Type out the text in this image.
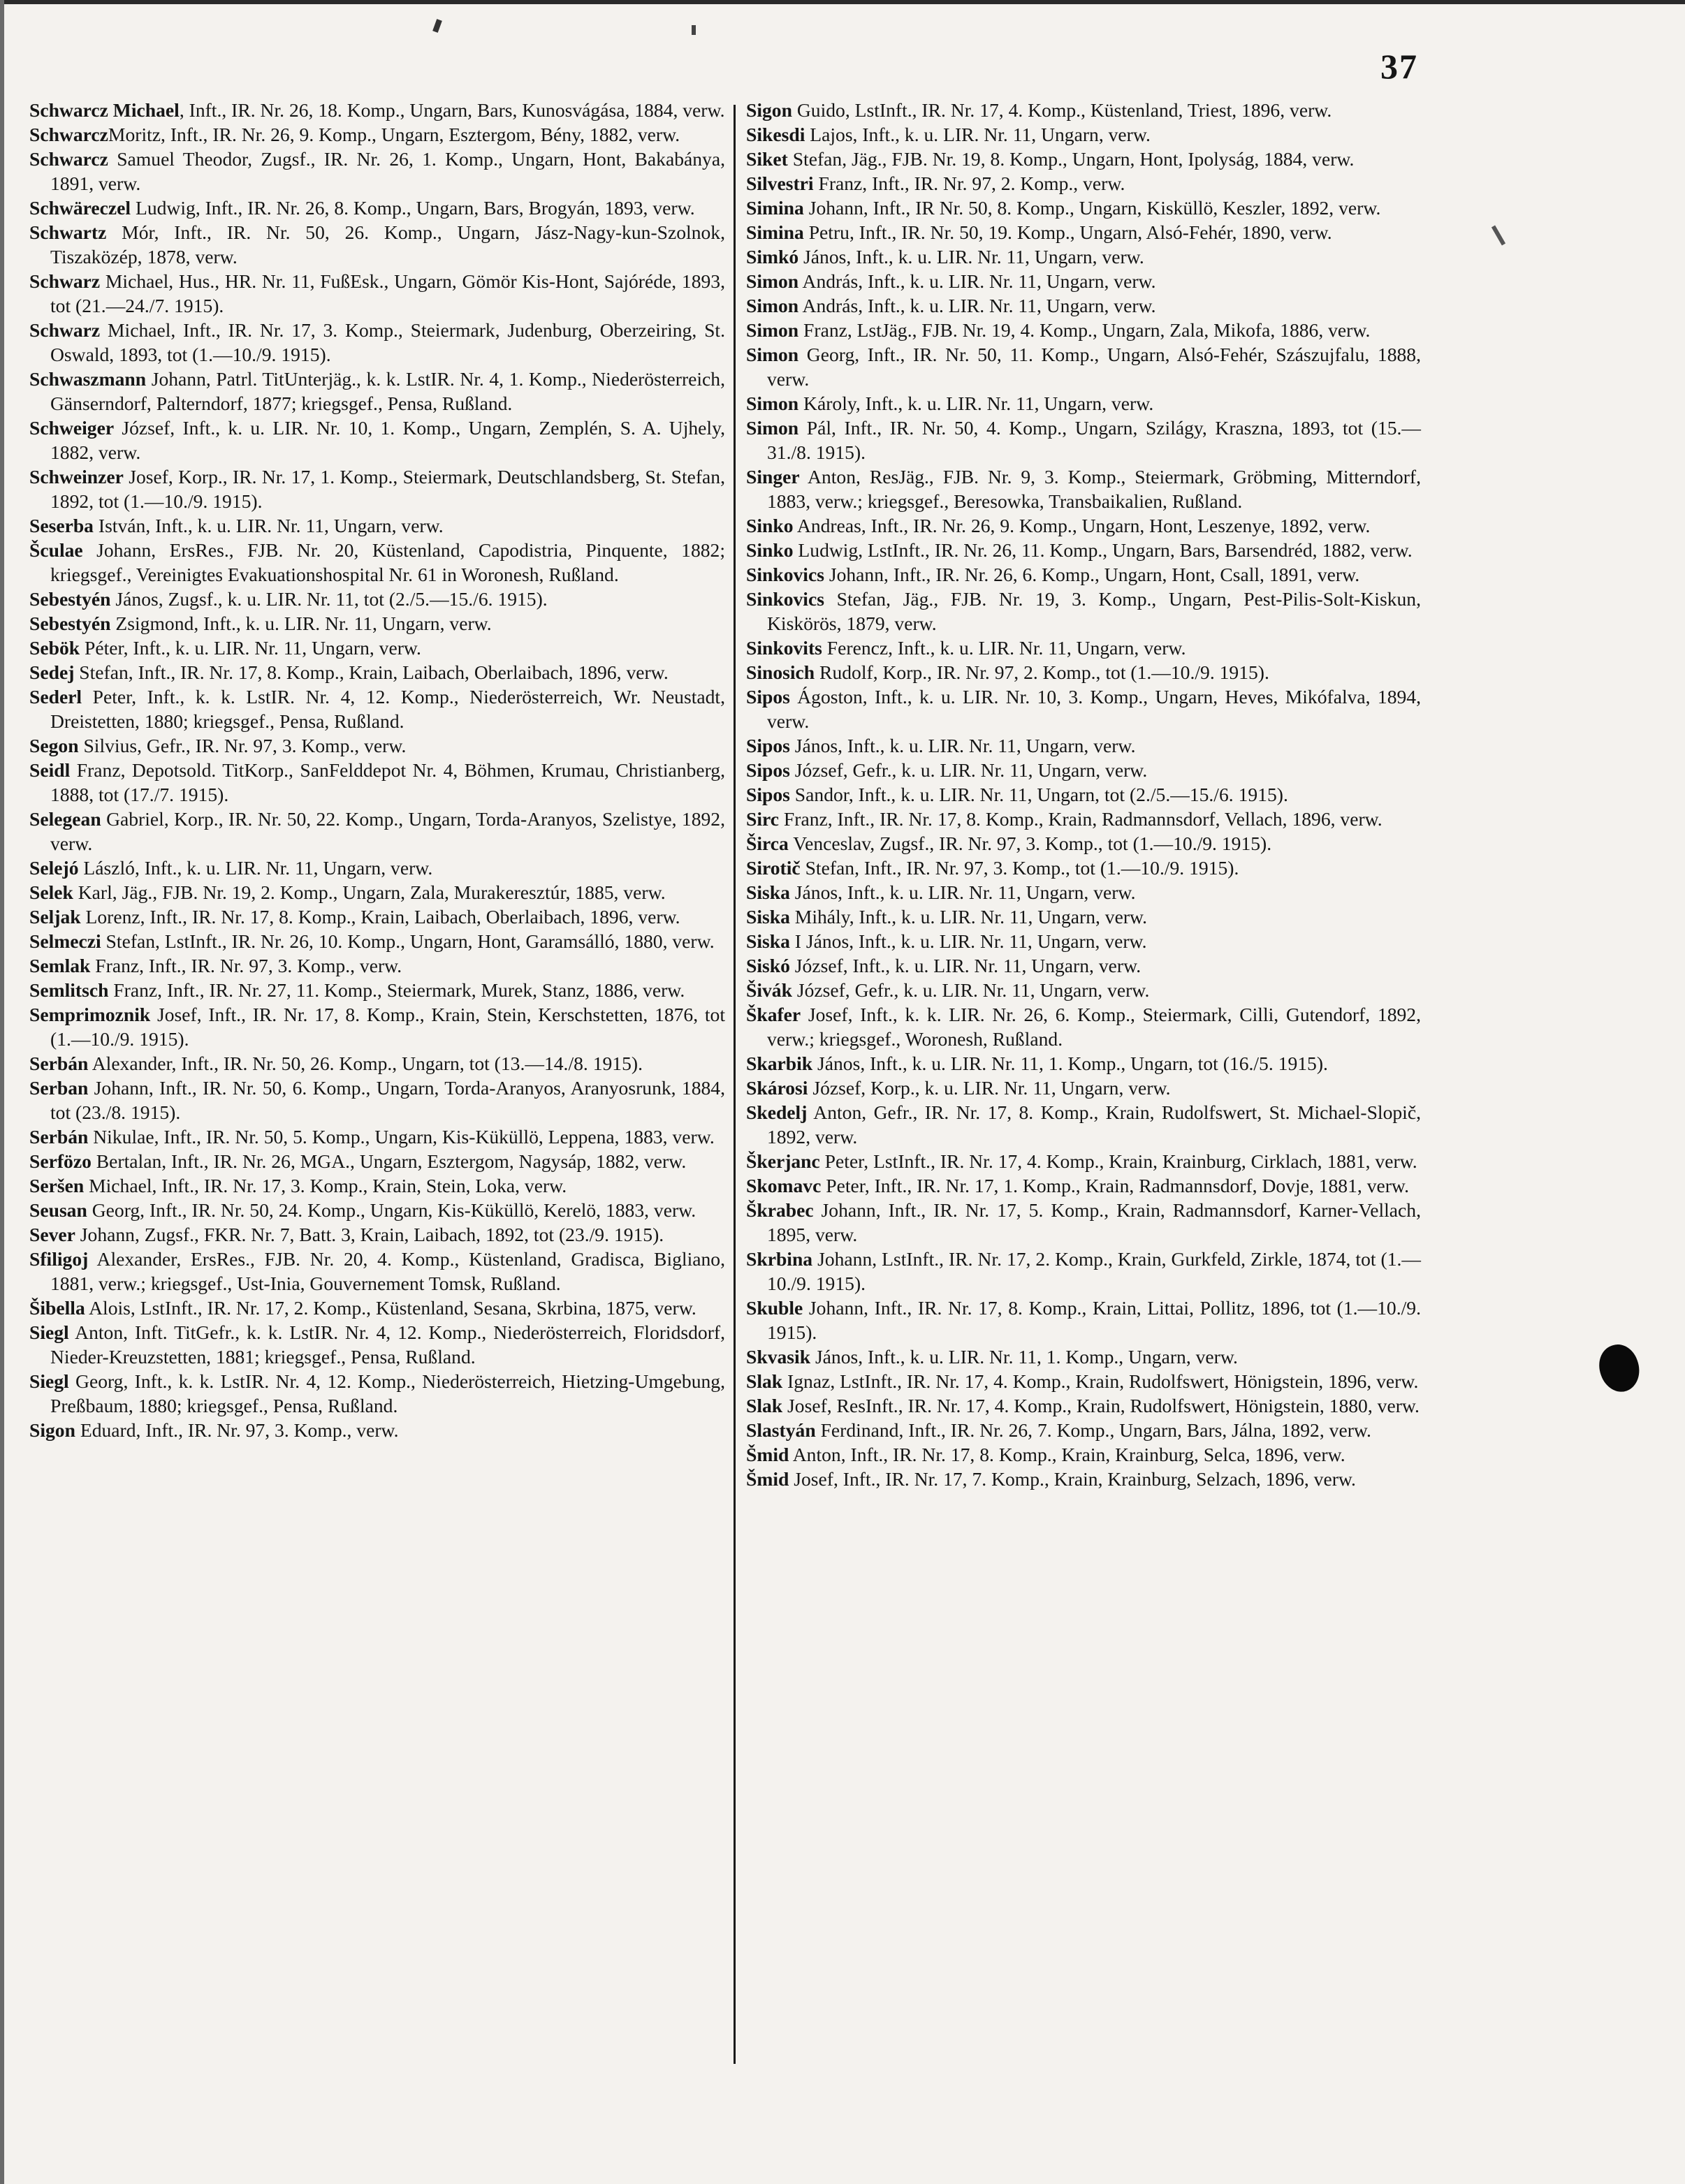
37

Schwarcz Michael, Inft., IR. Nr. 26, 18. Komp., Ungarn, Bars, Kunosvágása, 1884, verw.

SchwarczMoritz, Inft., IR. Nr. 26, 9. Komp., Ungarn, Esztergom, Bény, 1882, verw.

Schwarcz Samuel Theodor, Zugsf., IR. Nr. 26, 1. Komp., Ungarn, Hont, Bakabánya, 1891, verw.

Schwäreczel Ludwig, Inft., IR. Nr. 26, 8. Komp., Ungarn, Bars, Brogyán, 1893, verw.

Schwartz Mór, Inft., IR. Nr. 50, 26. Komp., Ungarn, Jász-Nagy-kun-Szolnok, Tiszaközép, 1878, verw.

Schwarz Michael, Hus., HR. Nr. 11, FußEsk., Ungarn, Gömör Kis-Hont, Sajóréde, 1893, tot (21.—24./7. 1915).

Schwarz Michael, Inft., IR. Nr. 17, 3. Komp., Steiermark, Judenburg, Oberzeiring, St. Oswald, 1893, tot (1.—10./9. 1915).

Schwaszmann Johann, Patrl. TitUnterjäg., k. k. LstIR. Nr. 4, 1. Komp., Niederösterreich, Gänserndorf, Palterndorf, 1877; kriegsgef., Pensa, Rußland.

Schweiger József, Inft., k. u. LIR. Nr. 10, 1. Komp., Ungarn, Zemplén, S. A. Ujhely, 1882, verw.

Schweinzer Josef, Korp., IR. Nr. 17, 1. Komp., Steiermark, Deutschlandsberg, St. Stefan, 1892, tot (1.—10./9. 1915).

Seserba István, Inft., k. u. LIR. Nr. 11, Ungarn, verw.

Šculae Johann, ErsRes., FJB. Nr. 20, Küstenland, Capodistria, Pinquente, 1882; kriegsgef., Vereinigtes Evakuationshospital Nr. 61 in Woronesh, Rußland.

Sebestyén János, Zugsf., k. u. LIR. Nr. 11, tot (2./5.—15./6. 1915).

Sebestyén Zsigmond, Inft., k. u. LIR. Nr. 11, Ungarn, verw.

Sebök Péter, Inft., k. u. LIR. Nr. 11, Ungarn, verw.

Sedej Stefan, Inft., IR. Nr. 17, 8. Komp., Krain, Laibach, Oberlaibach, 1896, verw.

Sederl Peter, Inft., k. k. LstIR. Nr. 4, 12. Komp., Niederösterreich, Wr. Neustadt, Dreistetten, 1880; kriegsgef., Pensa, Rußland.

Segon Silvius, Gefr., IR. Nr. 97, 3. Komp., verw.

Seidl Franz, Depotsold. TitKorp., SanFelddepot Nr. 4, Böhmen, Krumau, Christianberg, 1888, tot (17./7. 1915).

Selegean Gabriel, Korp., IR. Nr. 50, 22. Komp., Ungarn, Torda-Aranyos, Szelistye, 1892, verw.

Selejó László, Inft., k. u. LIR. Nr. 11, Ungarn, verw.

Selek Karl, Jäg., FJB. Nr. 19, 2. Komp., Ungarn, Zala, Murakeresztúr, 1885, verw.

Seljak Lorenz, Inft., IR. Nr. 17, 8. Komp., Krain, Laibach, Oberlaibach, 1896, verw.

Selmeczi Stefan, LstInft., IR. Nr. 26, 10. Komp., Ungarn, Hont, Garamsálló, 1880, verw.

Semlak Franz, Inft., IR. Nr. 97, 3. Komp., verw.

Semlitsch Franz, Inft., IR. Nr. 27, 11. Komp., Steiermark, Murek, Stanz, 1886, verw.

Semprimoznik Josef, Inft., IR. Nr. 17, 8. Komp., Krain, Stein, Kerschstetten, 1876, tot (1.—10./9. 1915).

Serbán Alexander, Inft., IR. Nr. 50, 26. Komp., Ungarn, tot (13.—14./8. 1915).

Serban Johann, Inft., IR. Nr. 50, 6. Komp., Ungarn, Torda-Aranyos, Aranyosrunk, 1884, tot (23./8. 1915).

Serbán Nikulae, Inft., IR. Nr. 50, 5. Komp., Ungarn, Kis-Küküllö, Leppena, 1883, verw.

Serfözo Bertalan, Inft., IR. Nr. 26, MGA., Ungarn, Esztergom, Nagysáp, 1882, verw.

Seršen Michael, Inft., IR. Nr. 17, 3. Komp., Krain, Stein, Loka, verw.

Seusan Georg, Inft., IR. Nr. 50, 24. Komp., Ungarn, Kis-Küküllö, Kerelö, 1883, verw.

Sever Johann, Zugsf., FKR. Nr. 7, Batt. 3, Krain, Laibach, 1892, tot (23./9. 1915).

Sfiligoj Alexander, ErsRes., FJB. Nr. 20, 4. Komp., Küstenland, Gradisca, Bigliano, 1881, verw.; kriegsgef., Ust-Inia, Gouvernement Tomsk, Rußland.

Šibella Alois, LstInft., IR. Nr. 17, 2. Komp., Küstenland, Sesana, Skrbina, 1875, verw.

Siegl Anton, Inft. TitGefr., k. k. LstIR. Nr. 4, 12. Komp., Niederösterreich, Floridsdorf, Nieder-Kreuzstetten, 1881; kriegsgef., Pensa, Rußland.

Siegl Georg, Inft., k. k. LstIR. Nr. 4, 12. Komp., Niederösterreich, Hietzing-Umgebung, Preßbaum, 1880; kriegsgef., Pensa, Rußland.

Sigon Eduard, Inft., IR. Nr. 97, 3. Komp., verw.

Sigon Guido, LstInft., IR. Nr. 17, 4. Komp., Küstenland, Triest, 1896, verw.

Sikesdi Lajos, Inft., k. u. LIR. Nr. 11, Ungarn, verw.

Siket Stefan, Jäg., FJB. Nr. 19, 8. Komp., Ungarn, Hont, Ipolyság, 1884, verw.

Silvestri Franz, Inft., IR. Nr. 97, 2. Komp., verw.

Simina Johann, Inft., IR Nr. 50, 8. Komp., Ungarn, Kisküllö, Keszler, 1892, verw.

Simina Petru, Inft., IR. Nr. 50, 19. Komp., Ungarn, Alsó-Fehér, 1890, verw.

Simkó János, Inft., k. u. LIR. Nr. 11, Ungarn, verw.

Simon András, Inft., k. u. LIR. Nr. 11, Ungarn, verw.

Simon András, Inft., k. u. LIR. Nr. 11, Ungarn, verw.

Simon Franz, LstJäg., FJB. Nr. 19, 4. Komp., Ungarn, Zala, Mikofa, 1886, verw.

Simon Georg, Inft., IR. Nr. 50, 11. Komp., Ungarn, Alsó-Fehér, Szászujfalu, 1888, verw.

Simon Károly, Inft., k. u. LIR. Nr. 11, Ungarn, verw.

Simon Pál, Inft., IR. Nr. 50, 4. Komp., Ungarn, Szilágy, Kraszna, 1893, tot (15.—31./8. 1915).

Singer Anton, ResJäg., FJB. Nr. 9, 3. Komp., Steiermark, Gröbming, Mitterndorf, 1883, verw.; kriegsgef., Beresowka, Transbaikalien, Rußland.

Sinko Andreas, Inft., IR. Nr. 26, 9. Komp., Ungarn, Hont, Leszenye, 1892, verw.

Sinko Ludwig, LstInft., IR. Nr. 26, 11. Komp., Ungarn, Bars, Barsendréd, 1882, verw.

Sinkovics Johann, Inft., IR. Nr. 26, 6. Komp., Ungarn, Hont, Csall, 1891, verw.

Sinkovics Stefan, Jäg., FJB. Nr. 19, 3. Komp., Ungarn, Pest-Pilis-Solt-Kiskun, Kiskörös, 1879, verw.

Sinkovits Ferencz, Inft., k. u. LIR. Nr. 11, Ungarn, verw.

Sinosich Rudolf, Korp., IR. Nr. 97, 2. Komp., tot (1.—10./9. 1915).

Sipos Ágoston, Inft., k. u. LIR. Nr. 10, 3. Komp., Ungarn, Heves, Mikófalva, 1894, verw.

Sipos János, Inft., k. u. LIR. Nr. 11, Ungarn, verw.

Sipos József, Gefr., k. u. LIR. Nr. 11, Ungarn, verw.

Sipos Sandor, Inft., k. u. LIR. Nr. 11, Ungarn, tot (2./5.—15./6. 1915).

Sirc Franz, Inft., IR. Nr. 17, 8. Komp., Krain, Radmannsdorf, Vellach, 1896, verw.

Širca Venceslav, Zugsf., IR. Nr. 97, 3. Komp., tot (1.—10./9. 1915).

Sirotič Stefan, Inft., IR. Nr. 97, 3. Komp., tot (1.—10./9. 1915).

Siska János, Inft., k. u. LIR. Nr. 11, Ungarn, verw.

Siska Mihály, Inft., k. u. LIR. Nr. 11, Ungarn, verw.

Siska I János, Inft., k. u. LIR. Nr. 11, Ungarn, verw.

Siskó József, Inft., k. u. LIR. Nr. 11, Ungarn, verw.

Šivák József, Gefr., k. u. LIR. Nr. 11, Ungarn, verw.

Škafer Josef, Inft., k. k. LIR. Nr. 26, 6. Komp., Steiermark, Cilli, Gutendorf, 1892, verw.; kriegsgef., Woronesh, Rußland.

Skarbik János, Inft., k. u. LIR. Nr. 11, 1. Komp., Ungarn, tot (16./5. 1915).

Skárosi József, Korp., k. u. LIR. Nr. 11, Ungarn, verw.

Skedelj Anton, Gefr., IR. Nr. 17, 8. Komp., Krain, Rudolfswert, St. Michael-Slopič, 1892, verw.

Škerjanc Peter, LstInft., IR. Nr. 17, 4. Komp., Krain, Krainburg, Cirklach, 1881, verw.

Skomavc Peter, Inft., IR. Nr. 17, 1. Komp., Krain, Radmannsdorf, Dovje, 1881, verw.

Škrabec Johann, Inft., IR. Nr. 17, 5. Komp., Krain, Radmannsdorf, Karner-Vellach, 1895, verw.

Skrbina Johann, LstInft., IR. Nr. 17, 2. Komp., Krain, Gurkfeld, Zirkle, 1874, tot (1.—10./9. 1915).

Skuble Johann, Inft., IR. Nr. 17, 8. Komp., Krain, Littai, Pollitz, 1896, tot (1.—10./9. 1915).

Skvasik János, Inft., k. u. LIR. Nr. 11, 1. Komp., Ungarn, verw.

Slak Ignaz, LstInft., IR. Nr. 17, 4. Komp., Krain, Rudolfswert, Hönigstein, 1896, verw.

Slak Josef, ResInft., IR. Nr. 17, 4. Komp., Krain, Rudolfswert, Hönigstein, 1880, verw.

Slastyán Ferdinand, Inft., IR. Nr. 26, 7. Komp., Ungarn, Bars, Jálna, 1892, verw.

Šmid Anton, Inft., IR. Nr. 17, 8. Komp., Krain, Krainburg, Selca, 1896, verw.

Šmid Josef, Inft., IR. Nr. 17, 7. Komp., Krain, Krainburg, Selzach, 1896, verw.
